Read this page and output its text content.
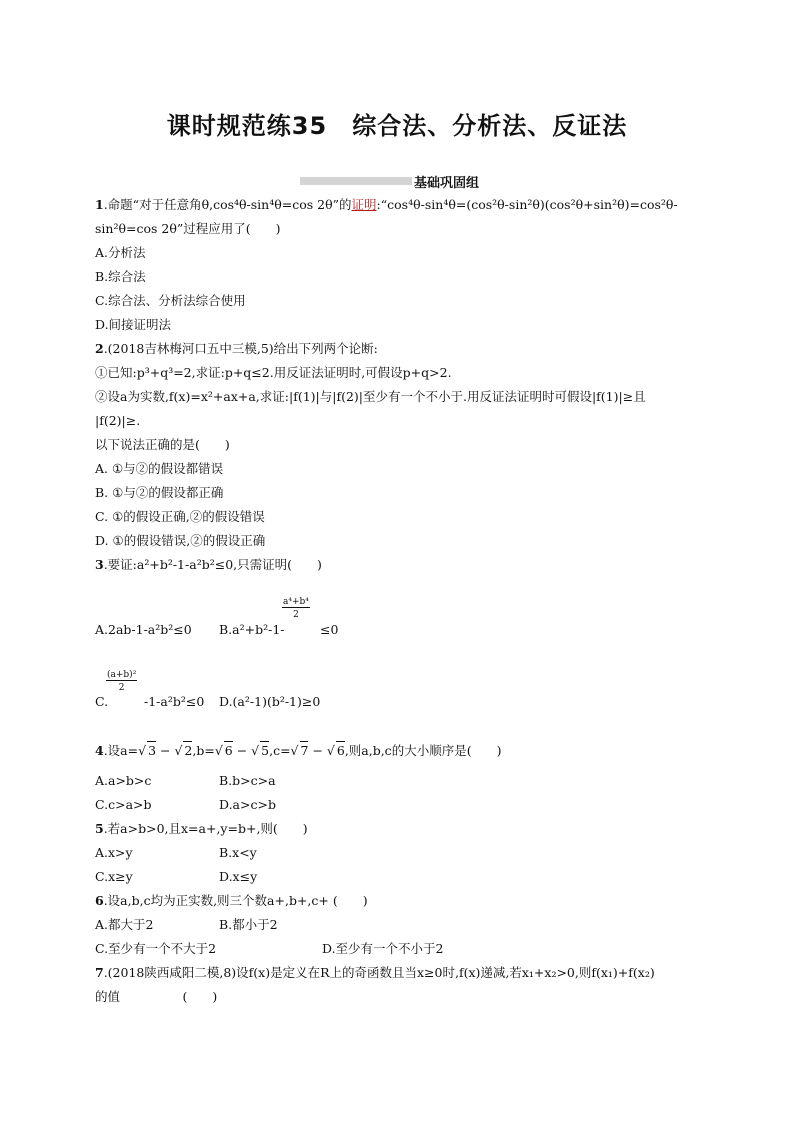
课时规范练35　综合法、分析法、反证法
基础巩固组
1.命题“对于任意角θ,cos⁴θ-sin⁴θ=cos 2θ”的证明:“cos⁴θ-sin⁴θ=(cos²θ-sin²θ)(cos²θ+sin²θ)=cos²θ-
sin²θ=cos 2θ”过程应用了(　　)
A.分析法
B.综合法
C.综合法、分析法综合使用
D.间接证明法
2.(2018吉林梅河口五中三模,5)给出下列两个论断:
①已知:p³+q³=2,求证:p+q≤2.用反证法证明时,可假设p+q>2.
②设a为实数,f(x)=x²+ax+a,求证:|f(1)|与|f(2)|至少有一个不小于.用反证法证明时可假设|f(1)|≥且
|f(2)|≥.
以下说法正确的是(　　)
A. ①与②的假设都错误
B. ①与②的假设都正确
C. ①的假设正确,②的假设错误
D. ①的假设错误,②的假设正确
3.要证:a²+b²-1-a²b²≤0,只需证明(　　)
A.2ab-1-a²b²≤0 B.a²+b²-1-
$\frac{\text{a⁴+b⁴}}{2}$
≤0
C.
$\frac{\text{(a+b)²}}{2}$
-1-a²b²≤0 D.(a²-1)(b²-1)≥0
4.设a= √ 3 − √ 2,b= √ 6 − √ 5,c= √ 7 − √ 6,则a,b,c的大小顺序是(　　)
A.a>b>c	B.b>c>a
C.c>a>b	D.a>c>b
5.若a>b>0,且x=a+,y=b+,则(　　)
A.x>y	B.x<y
C.x≥y	D.x≤y
6.设a,b,c均为正实数,则三个数a+,b+,c+ (　　)
A.都大于2	B.都小于2
C.至少有一个不大于2	D.至少有一个不小于2
7.(2018陕西咸阳二模,8)设f(x)是定义在R上的奇函数且当x≥0时,f(x)递减,若x₁+x₂>0,则f(x₁)+f(x₂)
的值　　　　　(　　)
